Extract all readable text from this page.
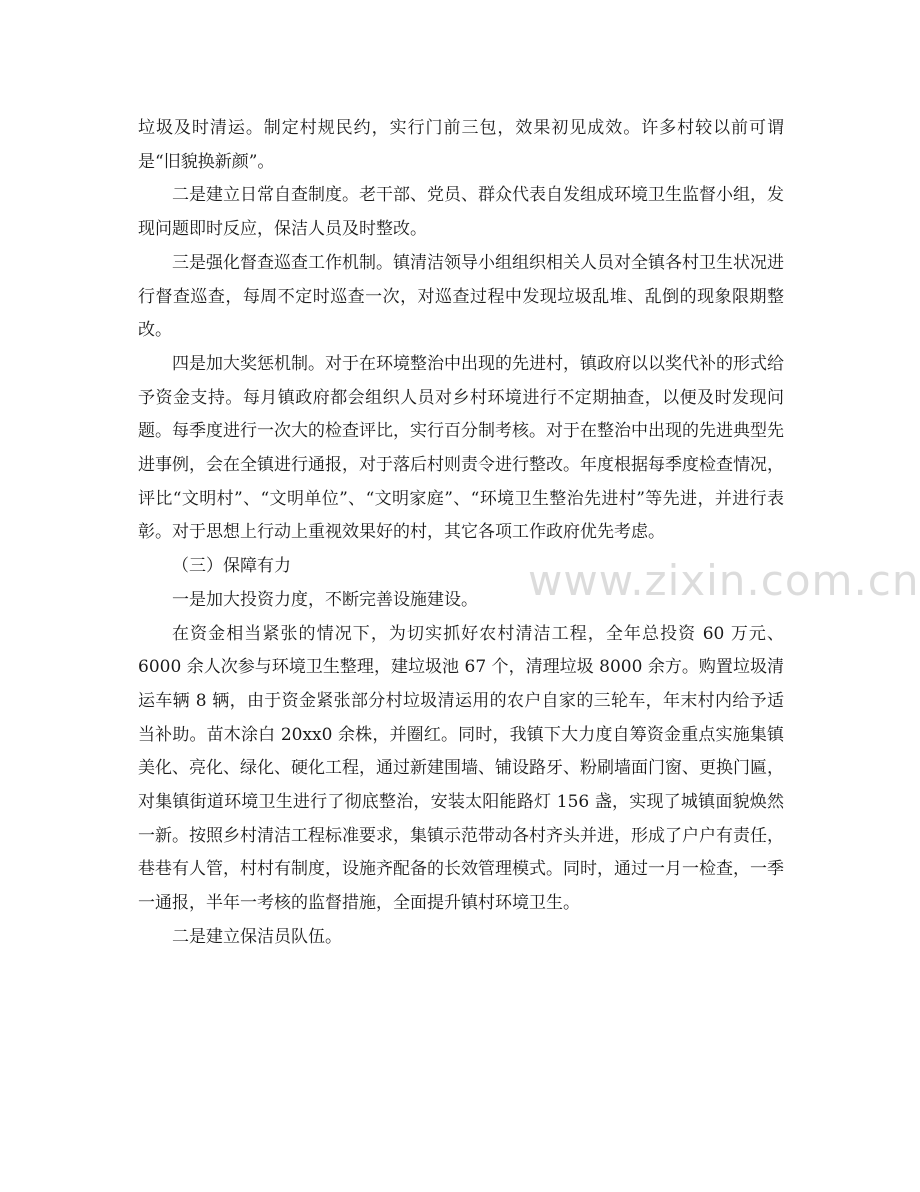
垃圾及时清运。制定村规民约，实行门前三包，效果初见成效。许多村较以前可谓是“旧貌换新颜”。

二是建立日常自查制度。老干部、党员、群众代表自发组成环境卫生监督小组，发现问题即时反应，保洁人员及时整改。

三是强化督查巡查工作机制。镇清洁领导小组组织相关人员对全镇各村卫生状况进行督查巡查，每周不定时巡查一次，对巡查过程中发现垃圾乱堆、乱倒的现象限期整改。

四是加大奖惩机制。对于在环境整治中出现的先进村，镇政府以以奖代补的形式给予资金支持。每月镇政府都会组织人员对乡村环境进行不定期抽查，以便及时发现问题。每季度进行一次大的检查评比，实行百分制考核。对于在整治中出现的先进典型先进事例，会在全镇进行通报，对于落后村则责令进行整改。年度根据每季度检查情况，评比“文明村”、“文明单位”、“文明家庭”、“环境卫生整治先进村”等先进，并进行表彰。对于思想上行动上重视效果好的村，其它各项工作政府优先考虑。

（三）保障有力

一是加大投资力度，不断完善设施建设。

在资金相当紧张的情况下，为切实抓好农村清洁工程，全年总投资 60 万元、6000 余人次参与环境卫生整理，建垃圾池 67 个，清理垃圾 8000 余方。购置垃圾清运车辆 8 辆，由于资金紧张部分村垃圾清运用的农户自家的三轮车，年末村内给予适当补助。苗木涂白 20xx0 余株，并圈红。同时，我镇下大力度自筹资金重点实施集镇美化、亮化、绿化、硬化工程，通过新建围墙、铺设路牙、粉刷墙面门窗、更换门匾，对集镇街道环境卫生进行了彻底整治，安装太阳能路灯 156 盏，实现了城镇面貌焕然一新。按照乡村清洁工程标准要求，集镇示范带动各村齐头并进，形成了户户有责任，巷巷有人管，村村有制度，设施齐配备的长效管理模式。同时，通过一月一检查，一季一通报，半年一考核的监督措施，全面提升镇村环境卫生。

二是建立保洁员队伍。

www.zixin.com.cn
